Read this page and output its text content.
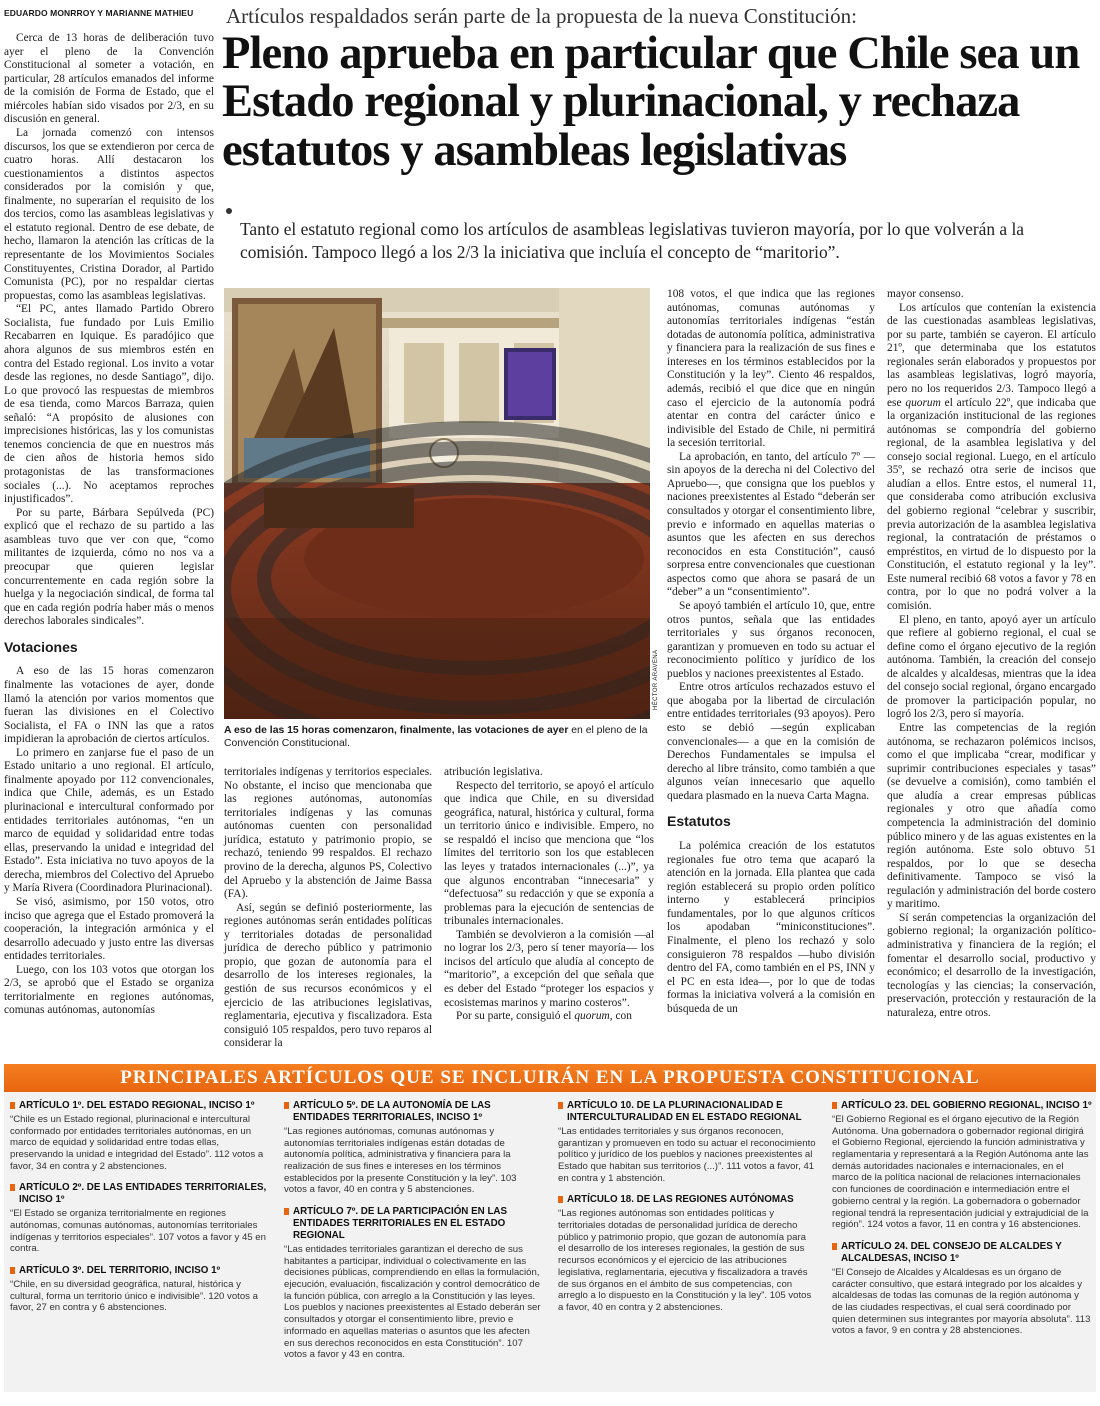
EDUARDO MONRROY Y MARIANNE MATHIEU	Artículos respaldados serán parte de la propuesta de la nueva Constitución:
Pleno aprueba en particular que Chile sea un Estado regional y plurinacional, y rechaza estatutos y asambleas legislativas
Tanto el estatuto regional como los artículos de asambleas legislativas tuvieron mayoría, por lo que volverán a la comisión. Tampoco llegó a los 2/3 la iniciativa que incluía el concepto de “maritorio”.

Cerca de 13 horas de deliberación tuvo ayer el pleno de la Convención Constitucional al someter a votación, en particular, 28 artículos emanados del informe de la comisión de Forma de Estado, que el miércoles habían sido visados por 2/3, en su discusión en general.

La jornada comenzó con intensos discursos, los que se extendieron por cerca de cuatro horas. Allí destacaron los cuestionamientos a distintos aspectos considerados por la comisión y que, finalmente, no superarían el requisito de los dos tercios, como las asambleas legislativas y el estatuto regional. Dentro de ese debate, de hecho, llamaron la atención las críticas de la representante de los Movimientos Sociales Constituyentes, Cristina Dorador, al Partido Comunista (PC), por no respaldar ciertas propuestas, como las asambleas legislativas.

“El PC, antes llamado Partido Obrero Socialista, fue fundado por Luis Emilio Recabarren en Iquique. Es paradójico que ahora algunos de sus miembros estén en contra del Estado regional. Los invito a votar desde las regiones, no desde Santiago”, dijo. Lo que provocó las respuestas de miembros de esa tienda, como Marcos Barraza, quien señaló: “A propósito de alusiones con imprecisiones históricas, las y los comunistas tenemos conciencia de que en nuestros más de cien años de historia hemos sido protagonistas de las transformaciones sociales (...). No aceptamos reproches injustificados”.

Por su parte, Bárbara Sepúlveda (PC) explicó que el rechazo de su partido a las asambleas tuvo que ver con que, “como militantes de izquierda, cómo no nos va a preocupar que quieren legislar concurrentemente en cada región sobre la huelga y la negociación sindical, de forma tal que en cada región podría haber más o menos derechos laborales sindicales”.

Votaciones

A eso de las 15 horas comenzaron finalmente las votaciones de ayer, donde llamó la atención por varios momentos que fueran las divisiones en el Colectivo Socialista, el FA o INN las que a ratos impidieran la aprobación de ciertos artículos.

Lo primero en zanjarse fue el paso de un Estado unitario a uno regional. El artículo, finalmente apoyado por 112 convencionales, indica que Chile, además, es un Estado plurinacional e intercultural conformado por entidades territoriales autónomas, “en un marco de equidad y solidaridad entre todas ellas, preservando la unidad e integridad del Estado”. Esta iniciativa no tuvo apoyos de la derecha, miembros del Colectivo del Apruebo y María Rivera (Coordinadora Plurinacional).

Se visó, asimismo, por 150 votos, otro inciso que agrega que el Estado promoverá la cooperación, la integración armónica y el desarrollo adecuado y justo entre las diversas entidades territoriales.

Luego, con los 103 votos que otorgan los 2/3, se aprobó que el Estado se organiza territorialmente en regiones autónomas, comunas autónomas, autonomías

HÉCTOR ARAVENA
A eso de las 15 horas comenzaron, finalmente, las votaciones de ayer en el pleno de la Convención Constitucional.

territoriales indígenas y territorios especiales. No obstante, el inciso que mencionaba que las regiones autónomas, autonomías territoriales indígenas y las comunas autónomas cuenten con personalidad jurídica, estatuto y patrimonio propio, se rechazó, teniendo 99 respaldos. El rechazo provino de la derecha, algunos PS, Colectivo del Apruebo y la abstención de Jaime Bassa (FA).

Así, según se definió posteriormente, las regiones autónomas serán entidades políticas y territoriales dotadas de personalidad jurídica de derecho público y patrimonio propio, que gozan de autonomía para el desarrollo de los intereses regionales, la gestión de sus recursos económicos y el ejercicio de las atribuciones legislativas, reglamentaria, ejecutiva y fiscalizadora. Esta consiguió 105 respaldos, pero tuvo reparos al considerar la

atribución legislativa.

Respecto del territorio, se apoyó el artículo que indica que Chile, en su diversidad geográfica, natural, histórica y cultural, forma un territorio único e indivisible. Empero, no se respaldó el inciso que menciona que “los límites del territorio son los que establecen las leyes y tratados internacionales (...)”, ya que algunos encontraban “innecesaria” y “defectuosa” su redacción y que se exponía a problemas para la ejecución de sentencias de tribunales internacionales.

También se devolvieron a la comisión —al no lograr los 2/3, pero sí tener mayoría— los incisos del artículo que aludía al concepto de “maritorio”, a excepción del que señala que es deber del Estado “proteger los espacios y ecosistemas marinos y marino costeros”.

Por su parte, consiguió el quorum, con

108 votos, el que indica que las regiones autónomas, comunas autónomas y autonomías territoriales indígenas “están dotadas de autonomía política, administrativa y financiera para la realización de sus fines e intereses en los términos establecidos por la Constitución y la ley”. Ciento 46 respaldos, además, recibió el que dice que en ningún caso el ejercicio de la autonomía podrá atentar en contra del carácter único e indivisible del Estado de Chile, ni permitirá la secesión territorial.

La aprobación, en tanto, del artículo 7º —sin apoyos de la derecha ni del Colectivo del Apruebo—, que consigna que los pueblos y naciones preexistentes al Estado “deberán ser consultados y otorgar el consentimiento libre, previo e informado en aquellas materias o asuntos que les afecten en sus derechos reconocidos en esta Constitución”, causó sorpresa entre convencionales que cuestionan aspectos como que ahora se pasará de un “deber” a un “consentimiento”.

Se apoyó también el artículo 10, que, entre otros puntos, señala que las entidades territoriales y sus órganos reconocen, garantizan y promueven en todo su actuar el reconocimiento político y jurídico de los pueblos y naciones preexistentes al Estado.

Entre otros artículos rechazados estuvo el que abogaba por la libertad de circulación entre entidades territoriales (93 apoyos). Pero esto se debió —según explicaban convencionales— a que en la comisión de Derechos Fundamentales se impulsa el derecho al libre tránsito, como también a que algunos veían innecesario que aquello quedara plasmado en la nueva Carta Magna.

Estatutos

La polémica creación de los estatutos regionales fue otro tema que acaparó la atención en la jornada. Ella plantea que cada región establecerá su propio orden político interno y establecerá principios fundamentales, por lo que algunos críticos los apodaban “miniconstituciones”. Finalmente, el pleno los rechazó y solo consiguieron 78 respaldos —hubo división dentro del FA, como también en el PS, INN y el PC en esta idea—, por lo que de todas formas la iniciativa volverá a la comisión en búsqueda de un

mayor consenso.

Los artículos que contenían la existencia de las cuestionadas asambleas legislativas, por su parte, también se cayeron. El artículo 21º, que determinaba que los estatutos regionales serán elaborados y propuestos por las asambleas legislativas, logró mayoría, pero no los requeridos 2/3. Tampoco llegó a ese quorum el artículo 22º, que indicaba que la organización institucional de las regiones autónomas se compondría del gobierno regional, de la asamblea legislativa y del consejo social regional. Luego, en el artículo 35º, se rechazó otra serie de incisos que aludían a ellos. Entre estos, el numeral 11, que consideraba como atribución exclusiva del gobierno regional “celebrar y suscribir, previa autorización de la asamblea legislativa regional, la contratación de préstamos o empréstitos, en virtud de lo dispuesto por la Constitución, el estatuto regional y la ley”. Este numeral recibió 68 votos a favor y 78 en contra, por lo que no podrá volver a la comisión.

El pleno, en tanto, apoyó ayer un artículo que refiere al gobierno regional, el cual se define como el órgano ejecutivo de la región autónoma. También, la creación del consejo de alcaldes y alcaldesas, mientras que la idea del consejo social regional, órgano encargado de promover la participación popular, no logró los 2/3, pero sí mayoría.

Entre las competencias de la región autónoma, se rechazaron polémicos incisos, como el que implicaba “crear, modificar y suprimir contribuciones especiales y tasas” (se devuelve a comisión), como también el que aludía a crear empresas públicas regionales y otro que añadía como competencia la administración del dominio público minero y de las aguas existentes en la región autónoma. Este solo obtuvo 51 respaldos, por lo que se desecha definitivamente. Tampoco se visó la regulación y administración del borde costero y maritimo.

Sí serán competencias la organización del gobierno regional; la organización político-administrativa y financiera de la región; el fomentar el desarrollo social, productivo y económico; el desarrollo de la investigación, tecnologías y las ciencias; la conservación, preservación, protección y restauración de la naturaleza, entre otros.

PRINCIPALES ARTÍCULOS QUE SE INCLUIRÁN EN LA PROPUESTA CONSTITUCIONAL
ARTÍCULO 1º. DEL ESTADO REGIONAL, INCISO 1º
“Chile es un Estado regional, plurinacional e intercultural conformado por entidades territoriales autónomas, en un marco de equidad y solidaridad entre todas ellas, preservando la unidad e integridad del Estado”. 112 votos a favor, 34 en contra y 2 abstenciones.
ARTÍCULO 2º. DE LAS ENTIDADES TERRITORIALES, INCISO 1º
“El Estado se organiza territorialmente en regiones autónomas, comunas autónomas, autonomías territoriales indígenas y territorios especiales”. 107 votos a favor y 45 en contra.
ARTÍCULO 3º. DEL TERRITORIO, INCISO 1º
“Chile, en su diversidad geográfica, natural, histórica y cultural, forma un territorio único e indivisible”. 120 votos a favor, 27 en contra y 6 abstenciones.
ARTÍCULO 5º. DE LA AUTONOMÍA DE LAS ENTIDADES TERRITORIALES, INCISO 1º
“Las regiones autónomas, comunas autónomas y autonomías territoriales indígenas están dotadas de autonomía política, administrativa y financiera para la realización de sus fines e intereses en los términos establecidos por la presente Constitución y la ley”. 103 votos a favor, 40 en contra y 5 abstenciones.
ARTÍCULO 7º. DE LA PARTICIPACIÓN EN LAS ENTIDADES TERRITORIALES EN EL ESTADO REGIONAL
“Las entidades territoriales garantizan el derecho de sus habitantes a participar, individual o colectivamente en las decisiones públicas, comprendiendo en ellas la formulación, ejecución, evaluación, fiscalización y control democrático de la función pública, con arreglo a la Constitución y las leyes. Los pueblos y naciones preexistentes al Estado deberán ser consultados y otorgar el consentimiento libre, previo e informado en aquellas materias o asuntos que les afecten en sus derechos reconocidos en esta Constitución”. 107 votos a favor y 43 en contra.
ARTÍCULO 10. DE LA PLURINACIONALIDAD E INTERCULTURALIDAD EN EL ESTADO REGIONAL
“Las entidades territoriales y sus órganos reconocen, garantizan y promueven en todo su actuar el reconocimiento político y jurídico de los pueblos y naciones preexistentes al Estado que habitan sus territorios (...)”. 111 votos a favor, 41 en contra y 1 abstención.
ARTÍCULO 18. DE LAS REGIONES AUTÓNOMAS
“Las regiones autónomas son entidades políticas y territoriales dotadas de personalidad jurídica de derecho público y patrimonio propio, que gozan de autonomía para el desarrollo de los intereses regionales, la gestión de sus recursos económicos y el ejercicio de las atribuciones legislativa, reglamentaria, ejecutiva y fiscalizadora a través de sus órganos en el ámbito de sus competencias, con arreglo a lo dispuesto en la Constitución y la ley”. 105 votos a favor, 40 en contra y 2 abstenciones.
ARTÍCULO 23. DEL GOBIERNO REGIONAL, INCISO 1º
“El Gobierno Regional es el órgano ejecutivo de la Región Autónoma. Una gobernadora o gobernador regional dirigirá el Gobierno Regional, ejerciendo la función administrativa y reglamentaria y representará a la Región Autónoma ante las demás autoridades nacionales e internacionales, en el marco de la política nacional de relaciones internacionales con funciones de coordinación e intermediación entre el gobierno central y la región. La gobernadora o gobernador regional tendrá la representación judicial y extrajudicial de la región”. 124 votos a favor, 11 en contra y 16 abstenciones.
ARTÍCULO 24. DEL CONSEJO DE ALCALDES Y ALCALDESAS, INCISO 1º
“El Consejo de Alcaldes y Alcaldesas es un órgano de carácter consultivo, que estará integrado por los alcaldes y alcaldesas de todas las comunas de la región autónoma y de las ciudades respectivas, el cual será coordinado por quien determinen sus integrantes por mayoría absoluta”. 113 votos a favor, 9 en contra y 28 abstenciones.
